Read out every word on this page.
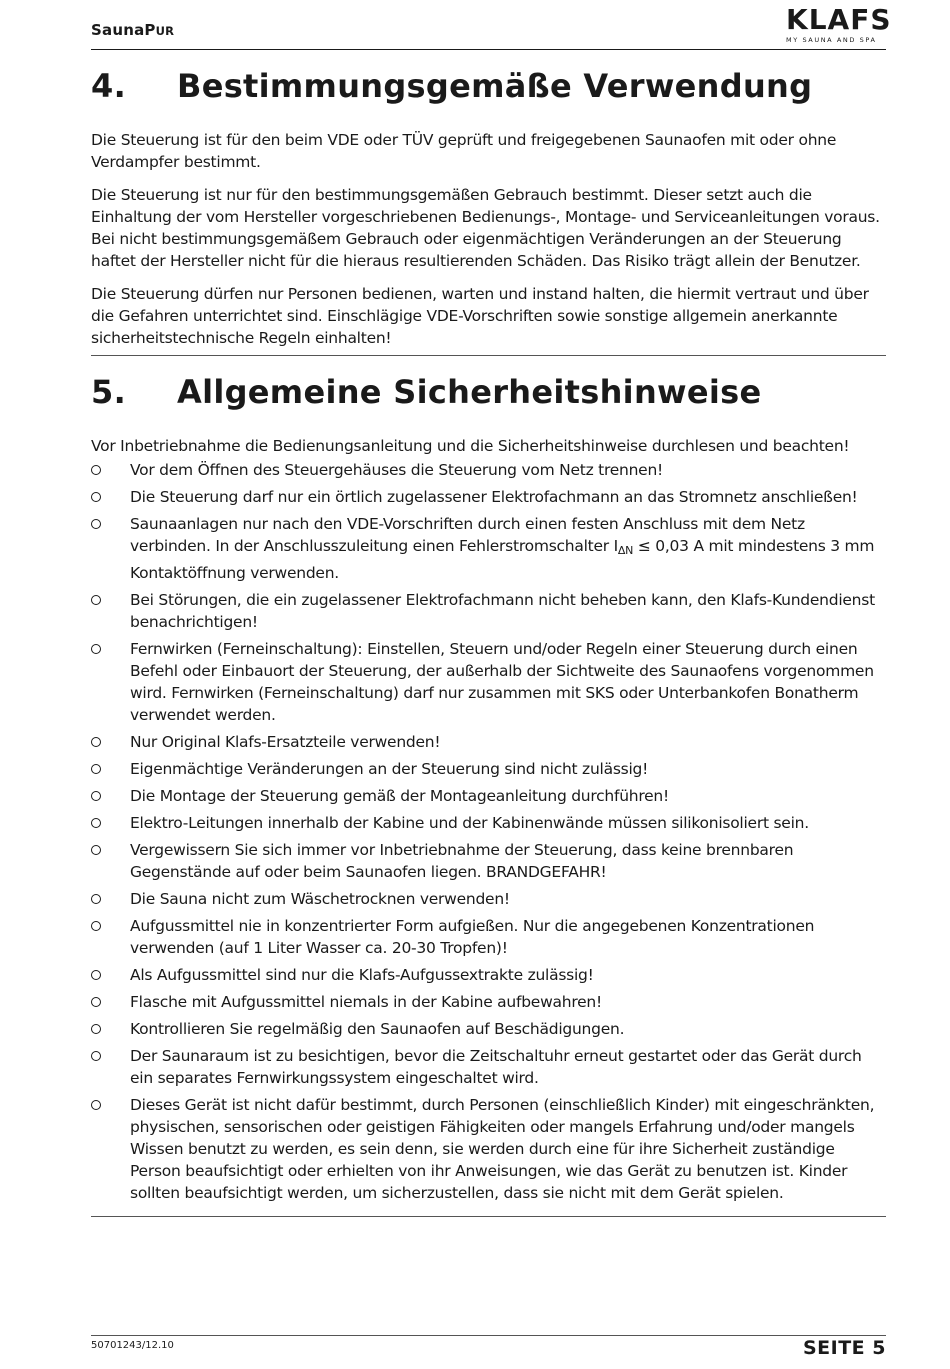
SaunaPUR	KLAFS
MY SAUNA AND SPA
4. Bestimmungsgemäße Verwendung

Die Steuerung ist für den beim VDE oder TÜV geprüft und freigegebenen Saunaofen mit oder ohne Verdampfer bestimmt.

Die Steuerung ist nur für den bestimmungsgemäßen Gebrauch bestimmt. Dieser setzt auch die Einhaltung der vom Hersteller vorgeschriebenen Bedienungs-, Montage- und Serviceanleitungen voraus. Bei nicht bestimmungsgemäßem Gebrauch oder eigenmächtigen Veränderungen an der Steuerung haftet der Hersteller nicht für die hieraus resultierenden Schäden. Das Risiko trägt allein der Benutzer.

Die Steuerung dürfen nur Personen bedienen, warten und instand halten, die hiermit vertraut und über die Gefahren unterrichtet sind. Einschlägige VDE-Vorschriften sowie sonstige allgemein anerkannte sicherheitstechnische Regeln einhalten!

5. Allgemeine Sicherheitshinweise
Vor Inbetriebnahme die Bedienungsanleitung und die Sicherheitshinweise durchlesen und beachten!
Vor dem Öffnen des Steuergehäuses die Steuerung vom Netz trennen!
Die Steuerung darf nur ein örtlich zugelassener Elektrofachmann an das Stromnetz anschließen!
Saunaanlagen nur nach den VDE-Vorschriften durch einen festen Anschluss mit dem Netz verbinden. In der Anschlusszuleitung einen Fehlerstromschalter $I_{\Delta N} \le 0,03$ A mit mindestens 3 mm Kontaktöffnung verwenden.
Bei Störungen, die ein zugelassener Elektrofachmann nicht beheben kann, den Klafs-Kundendienst benachrichtigen!
Fernwirken (Ferneinschaltung): Einstellen, Steuern und/oder Regeln einer Steuerung durch einen Befehl oder Einbauort der Steuerung, der außerhalb der Sichtweite des Saunaofens vorgenommen wird. Fernwirken (Ferneinschaltung) darf nur zusammen mit SKS oder Unterbankofen Bonatherm verwendet werden.
Nur Original Klafs-Ersatzteile verwenden!
Eigenmächtige Veränderungen an der Steuerung sind nicht zulässig!
Die Montage der Steuerung gemäß der Montageanleitung durchführen!
Elektro-Leitungen innerhalb der Kabine und der Kabinenwände müssen silikonisoliert sein.
Vergewissern Sie sich immer vor Inbetriebnahme der Steuerung, dass keine brennbaren Gegenstände auf oder beim Saunaofen liegen. BRANDGEFAHR!
Die Sauna nicht zum Wäschetrocknen verwenden!
Aufgussmittel nie in konzentrierter Form aufgießen. Nur die angegebenen Konzentrationen verwenden (auf 1 Liter Wasser ca. 20-30 Tropfen)!
Als Aufgussmittel sind nur die Klafs-Aufgussextrakte zulässig!
Flasche mit Aufgussmittel niemals in der Kabine aufbewahren!
Kontrollieren Sie regelmäßig den Saunaofen auf Beschädigungen.
Der Saunaraum ist zu besichtigen, bevor die Zeitschaltuhr erneut gestartet oder das Gerät durch ein separates Fernwirkungssystem eingeschaltet wird.
Dieses Gerät ist nicht dafür bestimmt, durch Personen (einschließlich Kinder) mit eingeschränkten, physischen, sensorischen oder geistigen Fähigkeiten oder mangels Erfahrung und/oder mangels Wissen benutzt zu werden, es sein denn, sie werden durch eine für ihre Sicherheit zuständige Person beaufsichtigt oder erhielten von ihr Anweisungen, wie das Gerät zu benutzen ist. Kinder sollten beaufsichtigt werden, um sicherzustellen, dass sie nicht mit dem Gerät spielen.
50701243/12.10	SEITE 5
